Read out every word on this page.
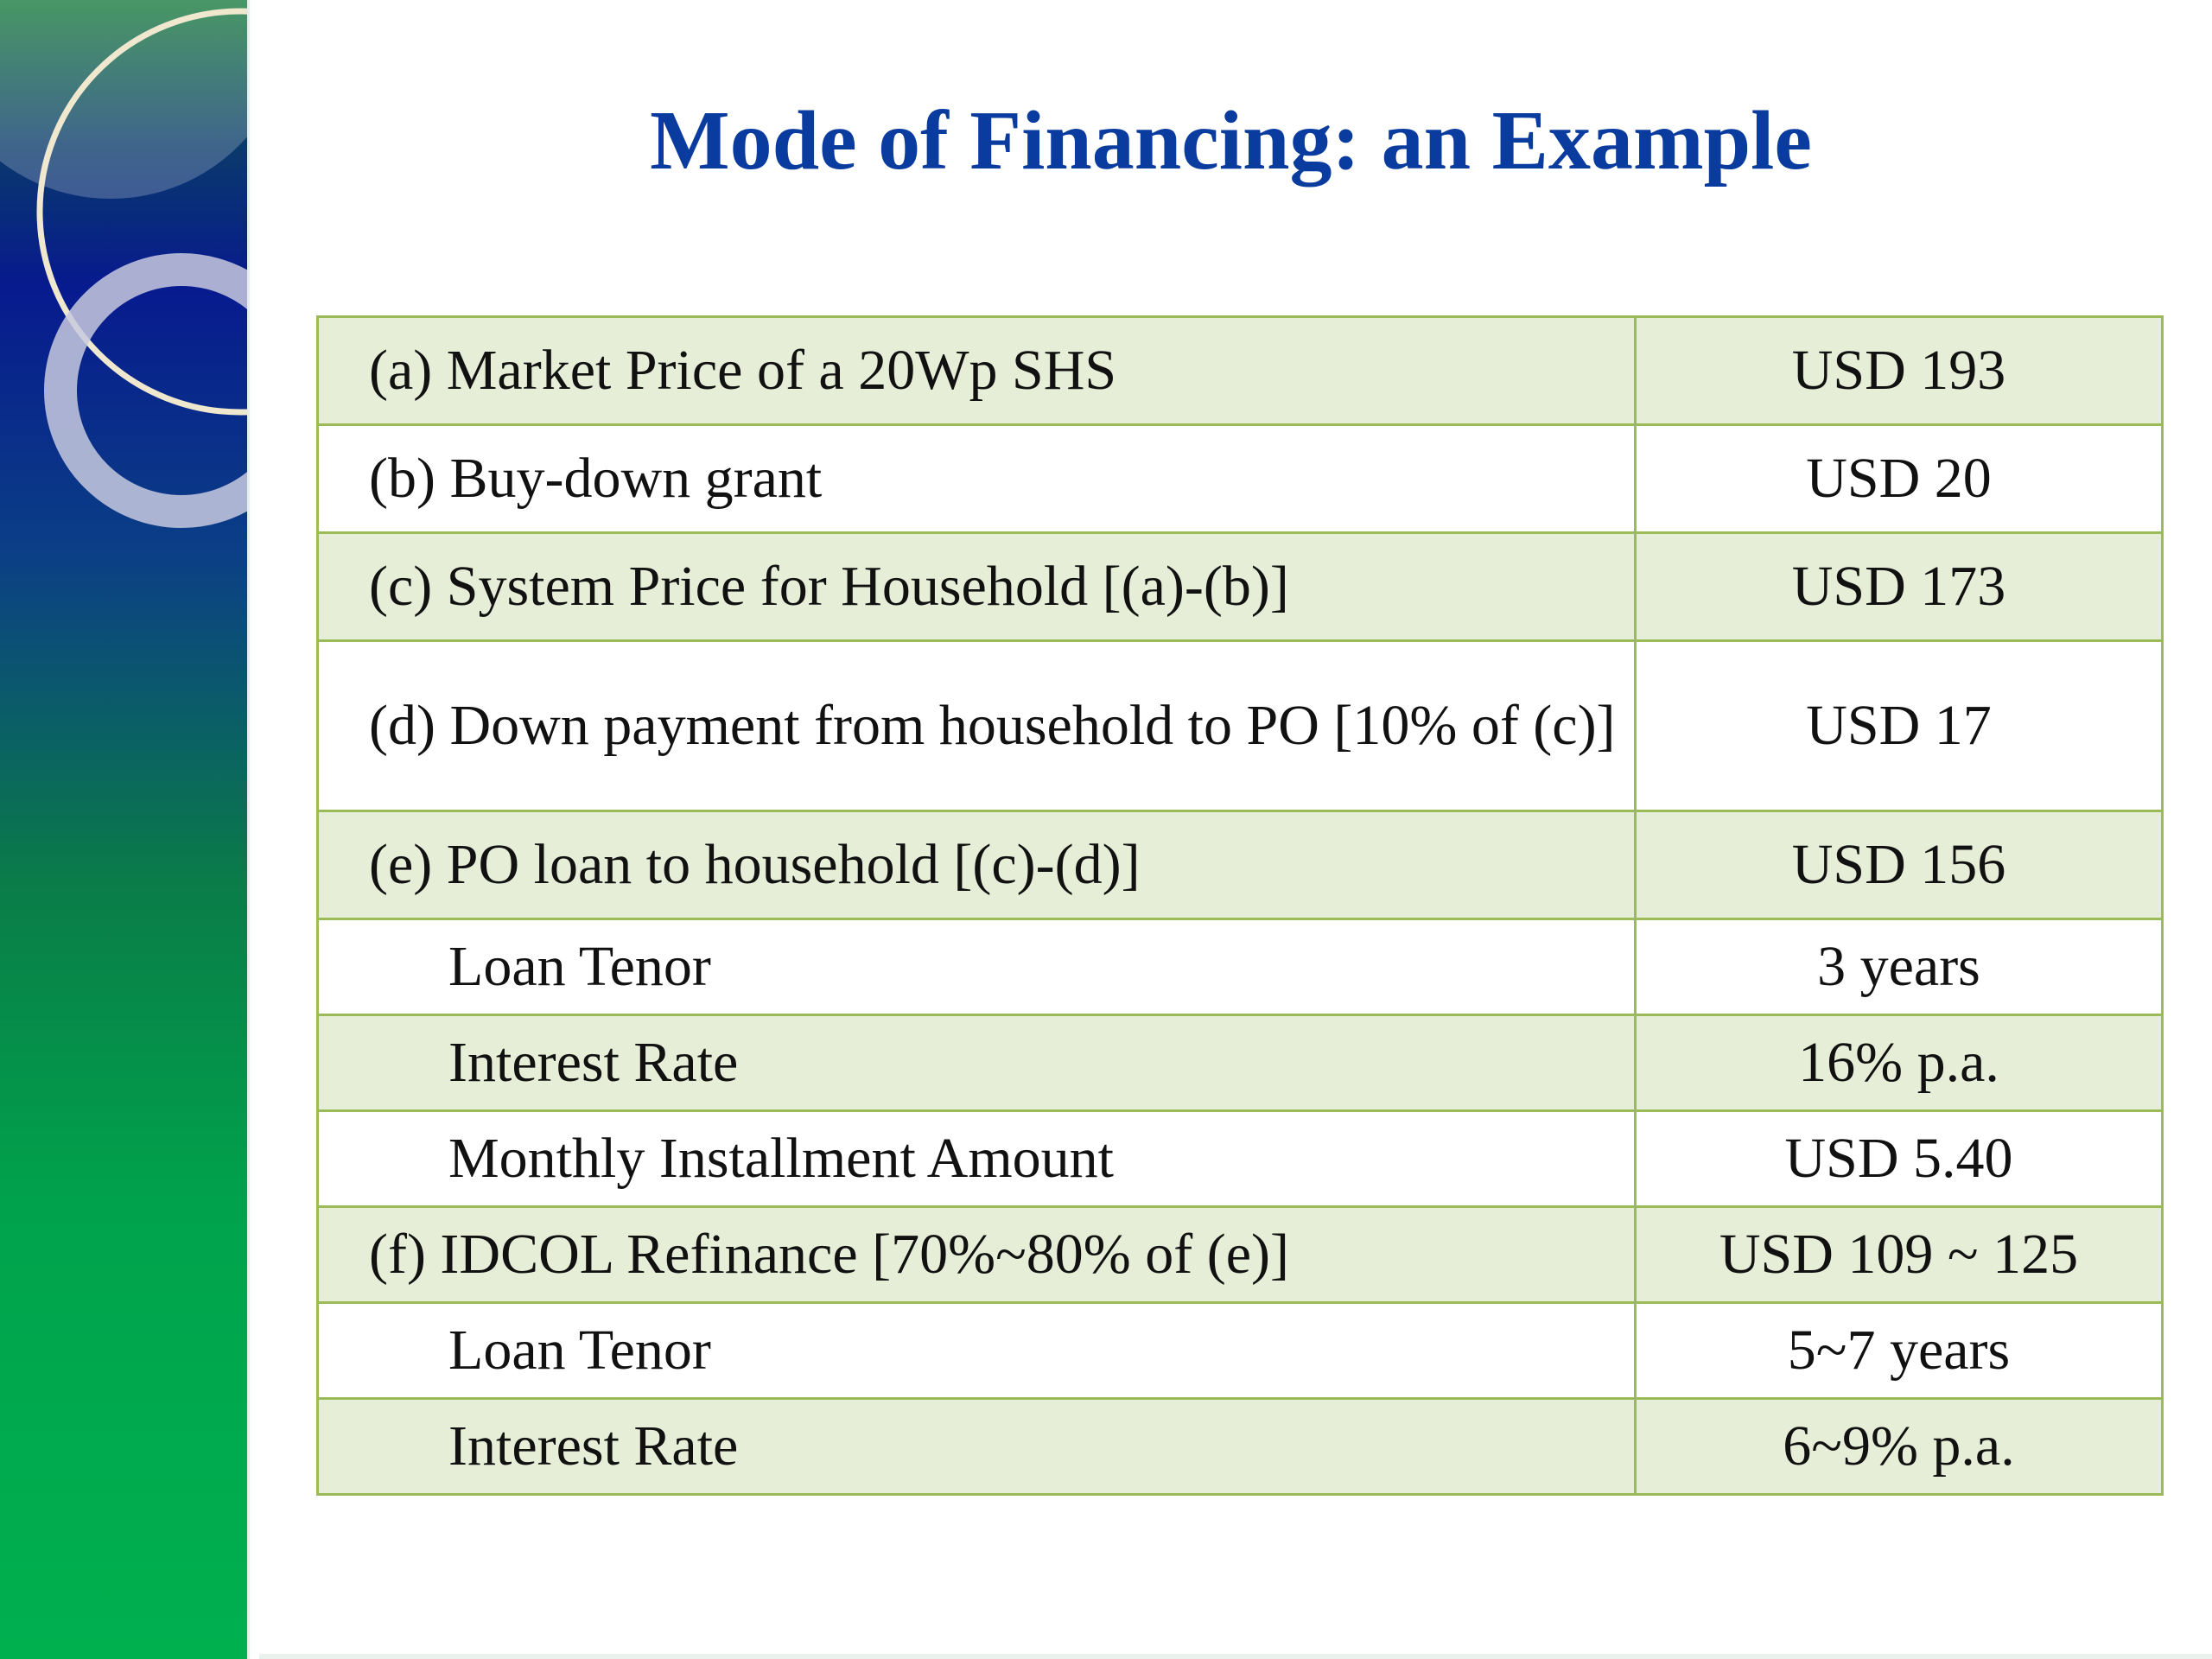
Mode of Financing: an Example
(a) Market Price of a 20Wp SHS	USD 193
(b) Buy-down grant	USD 20
(c) System Price for Household [(a)-(b)]	USD 173
(d) Down payment from household to PO [10% of (c)]	USD 17
(e) PO loan to household [(c)-(d)]	USD 156
Loan Tenor	3 years
Interest Rate	16% p.a.
Monthly Installment Amount	USD 5.40
(f) IDCOL Refinance [70%~80% of (e)]	USD 109 ~ 125
Loan Tenor	5~7 years
Interest Rate	6~9% p.a.
